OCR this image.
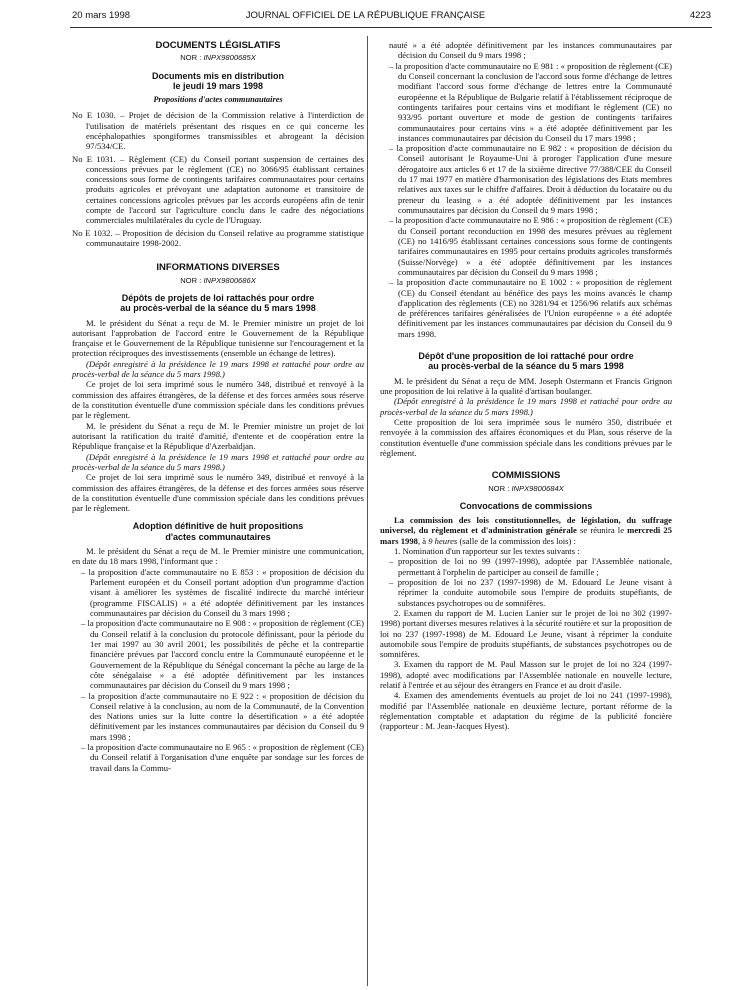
20 mars 1998	JOURNAL OFFICIEL DE LA RÉPUBLIQUE FRANÇAISE	4223

DOCUMENTS LÉGISLATIFS

NOR : INPX9800685X

Documents mis en distribution
le jeudi 19 mars 1998

Propositions d'actes communautaires

No E 1030. – Projet de décision de la Commission relative à l'interdiction de l'utilisation de matériels présentant des risques en ce qui concerne les encéphalopathies spongiformes transmissibles et abrogeant la décision 97/534/CE.

No E 1031. – Règlement (CE) du Conseil portant suspension de certaines des concessions prévues par le règlement (CE) no 3066/95 établissant certaines concessions sous forme de contingents tarifaires communautaires pour certains produits agricoles et prévoyant une adaptation autonome et transitoire de certaines concessions agricoles prévues par les accords européens afin de tenir compte de l'accord sur l'agriculture conclu dans le cadre des négociations commerciales multilatérales du cycle de l'Uruguay.

No E 1032. – Proposition de décision du Conseil relative au programme statistique communautaire 1998-2002.

INFORMATIONS DIVERSES

NOR : INPX9800686X

Dépôts de projets de loi rattachés pour ordre
au procès-verbal de la séance du 5 mars 1998

M. le président du Sénat a reçu de M. le Premier ministre un projet de loi autorisant l'approbation de l'accord entre le Gouvernement de la République française et le Gouvernement de la République tunisienne sur l'encouragement et la protection réciproques des investissements (ensemble un échange de lettres).

(Dépôt enregistré à la présidence le 19 mars 1998 et rattaché pour ordre au procès-verbal de la séance du 5 mars 1998.)

Ce projet de loi sera imprimé sous le numéro 348, distribué et renvoyé à la commission des affaires étrangères, de la défense et des forces armées sous réserve de la constitution éventuelle d'une commission spéciale dans les conditions prévues par le règlement.

M. le président du Sénat a reçu de M. le Premier ministre un projet de loi autorisant la ratification du traité d'amitié, d'entente et de coopération entre la République française et la République d'Azerbaïdjan.

(Dépôt enregistré à la présidence le 19 mars 1998 et rattaché pour ordre au procès-verbal de la séance du 5 mars 1998.)

Ce projet de loi sera imprimé sous le numéro 349, distribué et renvoyé à la commission des affaires étrangères, de la défense et des forces armées sous réserve de la constitution éventuelle d'une commission spéciale dans les conditions prévues par le règlement.

Adoption définitive de huit propositions
d'actes communautaires

M. le président du Sénat a reçu de M. le Premier ministre une communication, en date du 18 mars 1998, l'informant que :

– la proposition d'acte communautaire no E 853 : « proposition de décision du Parlement européen et du Conseil portant adoption d'un programme d'action visant à améliorer les systèmes de fiscalité indirecte du marché intérieur (programme FISCALIS) » a été adoptée définitivement par les instances communautaires par décision du Conseil du 3 mars 1998 ;

– la proposition d'acte communautaire no E 908 : « proposition de règlement (CE) du Conseil relatif à la conclusion du protocole définissant, pour la période du 1er mai 1997 au 30 avril 2001, les possibilités de pêche et la contrepartie financière prévues par l'accord conclu entre la Communauté européenne et le Gouvernement de la République du Sénégal concernant la pêche au large de la côte sénégalaise » a été adoptée définitivement par les instances communautaires par décision du Conseil du 9 mars 1998 ;

– la proposition d'acte communautaire no E 922 : « proposition de décision du Conseil relative à la conclusion, au nom de la Communauté, de la Convention des Nations unies sur la lutte contre la désertification » a été adoptée définitivement par les instances communautaires par décision du Conseil du 9 mars 1998 ;

– la proposition d'acte communautaire no E 965 : « proposition de règlement (CE) du Conseil relatif à l'organisation d'une enquête par sondage sur les forces de travail dans la Commu-

nauté » a été adoptée définitivement par les instances communautaires par décision du Conseil du 9 mars 1998 ;

– la proposition d'acte communautaire no E 981 : « proposition de règlement (CE) du Conseil concernant la conclusion de l'accord sous forme d'échange de lettres modifiant l'accord sous forme d'échange de lettres entre la Communauté européenne et la République de Bulgarie relatif à l'établissement réciproque de contingents tarifaires pour certains vins et modifiant le règlement (CE) no 933/95 portant ouverture et mode de gestion de contingents tarifaires communautaires pour certains vins » a été adoptée définitivement par les instances communautaires par décision du Conseil du 17 mars 1998 ;

– la proposition d'acte communautaire no E 982 : « proposition de décision du Conseil autorisant le Royaume-Uni à proroger l'application d'une mesure dérogatoire aux articles 6 et 17 de la sixième directive 77/388/CEE du Conseil du 17 mai 1977 en matière d'harmonisation des législations des Etats membres relatives aux taxes sur le chiffre d'affaires. Droit à déduction du locataire ou du preneur du leasing » a été adoptée définitivement par les instances communautaires par décision du Conseil du 9 mars 1998 ;

– la proposition d'acte communautaire no E 986 : « proposition de règlement (CE) du Conseil portant reconduction en 1998 des mesures prévues au règlement (CE) no 1416/95 établissant certaines concessions sous forme de contingents tarifaires communautaires en 1995 pour certains produits agricoles transformés (Suisse/Norvège) » a été adoptée définitivement par les instances communautaires par décision du Conseil du 9 mars 1998 ;

– la proposition d'acte communautaire no E 1002 : « proposition de règlement (CE) du Conseil étendant au bénéfice des pays les moins avancés le champ d'application des règlements (CE) no 3281/94 et 1256/96 relatifs aux schémas de préférences tarifaires généralisées de l'Union européenne » a été adoptée définitivement par les instances communautaires par décision du Conseil du 9 mars 1998.

Dépôt d'une proposition de loi rattaché pour ordre
au procès-verbal de la séance du 5 mars 1998

M. le président du Sénat a reçu de MM. Joseph Ostermann et Francis Grignon une proposition de loi relative à la qualité d'artisan boulanger.

(Dépôt enregistré à la présidence le 19 mars 1998 et rattaché pour ordre au procès-verbal de la séance du 5 mars 1998.)

Cette proposition de loi sera imprimée sous le numéro 350, distribuée et renvoyée à la commission des affaires économiques et du Plan, sous réserve de la constitution éventuelle d'une commission spéciale dans les conditions prévues par le règlement.

COMMISSIONS

NOR : INPX9800684X

Convocations de commissions

La commission des lois constitutionnelles, de législation, du suffrage universel, du règlement et d'administration générale se réunira le mercredi 25 mars 1998, à 9 heures (salle de la commission des lois) :

1. Nomination d'un rapporteur sur les textes suivants :

– proposition de loi no 99 (1997-1998), adoptée par l'Assemblée nationale, permettant à l'orphelin de participer au conseil de famille ;

– proposition de loi no 237 (1997-1998) de M. Edouard Le Jeune visant à réprimer la conduite automobile sous l'empire de produits stupéfiants, de substances psychotropes ou de somnifères.

2. Examen du rapport de M. Lucien Lanier sur le projet de loi no 302 (1997-1998) portant diverses mesures relatives à la sécurité routière et sur la proposition de loi no 237 (1997-1998) de M. Edouard Le Jeune, visant à réprimer la conduite automobile sous l'empire de produits stupéfiants, de substances psychotropes ou de somnifères.

3. Examen du rapport de M. Paul Masson sur le projet de loi no 324 (1997-1998), adopté avec modifications par l'Assemblée nationale en nouvelle lecture, relatif à l'entrée et au séjour des étrangers en France et au droit d'asile.

4. Examen des amendements éventuels au projet de loi no 241 (1997-1998), modifié par l'Assemblée nationale en deuxième lecture, portant réforme de la réglementation comptable et adaptation du régime de la publicité foncière (rapporteur : M. Jean-Jacques Hyest).
